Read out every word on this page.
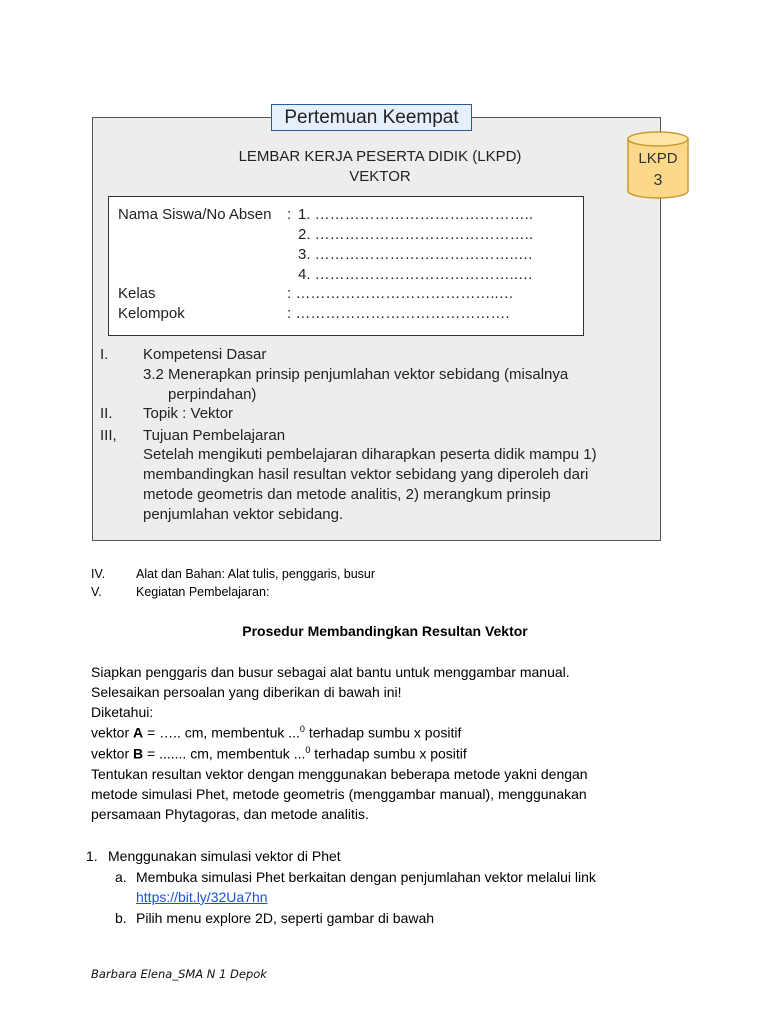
Pertemuan Keempat
LEMBAR KERJA PESERTA DIDIK (LKPD)
VEKTOR
LKPD
3
Nama Siswa/No Absen : 1. ……………………………………..
2. ……………………………………..
3. …………………………………..…
4. …………………………………..…
Kelas	: …………………………………..…
Kelompok	: …………………………………….
I. Kompetensi Dasar
3.2 Menerapkan prinsip penjumlahan vektor sebidang (misalnya
perpindahan)
II. Topik : Vektor
III, Tujuan Pembelajaran
Setelah mengikuti pembelajaran diharapkan peserta didik mampu 1)
membandingkan hasil resultan vektor sebidang yang diperoleh dari
metode geometris dan metode analitis, 2) merangkum prinsip
penjumlahan vektor sebidang.
IV. Alat dan Bahan: Alat tulis, penggaris, busur
V.	Kegiatan Pembelajaran:
Prosedur Membandingkan Resultan Vektor
Siapkan penggaris dan busur sebagai alat bantu untuk menggambar manual.
Selesaikan persoalan yang diberikan di bawah ini!
Diketahui:
vektor A = ….. cm, membentuk ...$^0$ terhadap sumbu x positif
vektor B = ....... cm, membentuk ...$^0$ terhadap sumbu x positif
Tentukan resultan vektor dengan menggunakan beberapa metode yakni dengan
metode simulasi Phet, metode geometris (menggambar manual), menggunakan
persamaan Phytagoras, dan metode analitis.
1. Menggunakan simulasi vektor di Phet
a. Membuka simulasi Phet berkaitan dengan penjumlahan vektor melalui link
https://bit.ly/32Ua7hn
b. Pilih menu explore 2D, seperti gambar di bawah
Barbara Elena_SMA N 1 Depok
